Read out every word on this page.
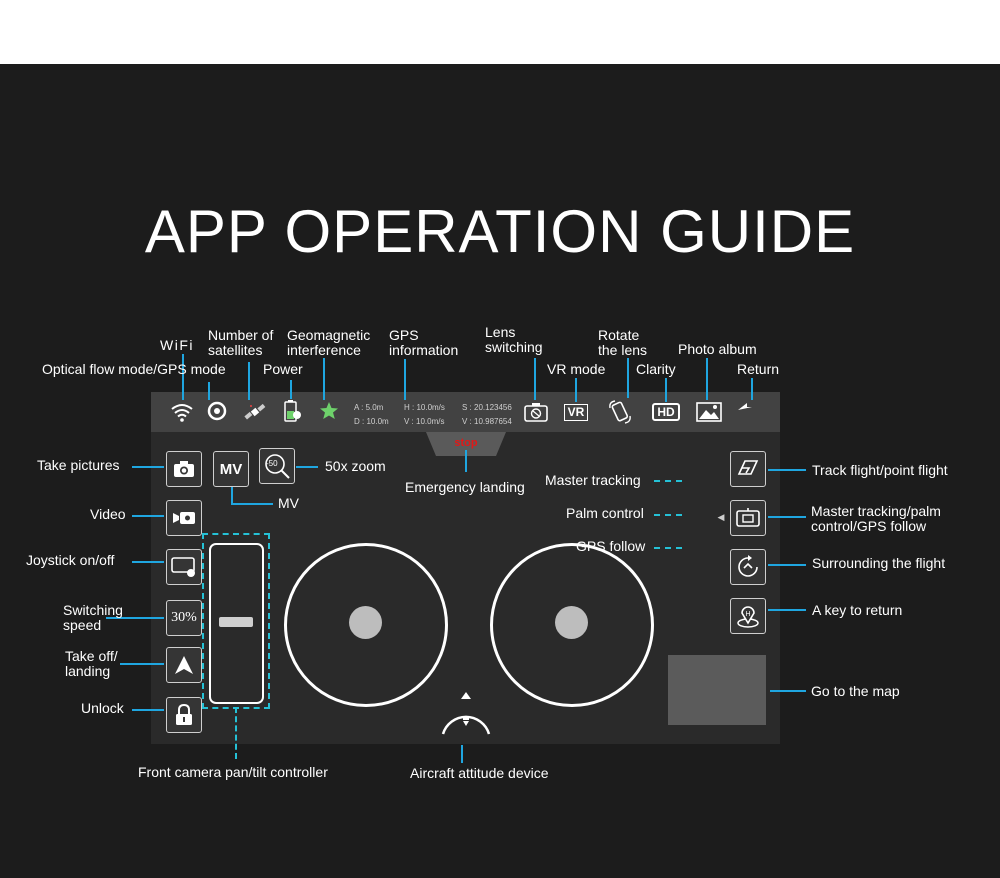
APP OPERATION GUIDE
A : 5.0m
D : 10.0m
H : 10.0m/s
V : 10.0m/s
S : 20.123456
V : 10.987654
VR	HD
stop
30%
MV	-50
◀
H
WiFi
Optical flow mode/GPS mode
Number of
satellites
Power
Geomagnetic
interference
GPS
information
Lens
switching
VR mode
Rotate
the lens
Clarity
Photo album
Return
Take pictures
Video
Joystick on/off
Switching
speed
Take off/
landing
Unlock
50x zoom
MV
Emergency landing Master tracking
Palm control
GPS follow
Track flight/point flight
Master tracking/palm
control/GPS follow
Surrounding the flight
A key to return
Go to the map
Front camera pan/tilt controller	Aircraft attitude device
